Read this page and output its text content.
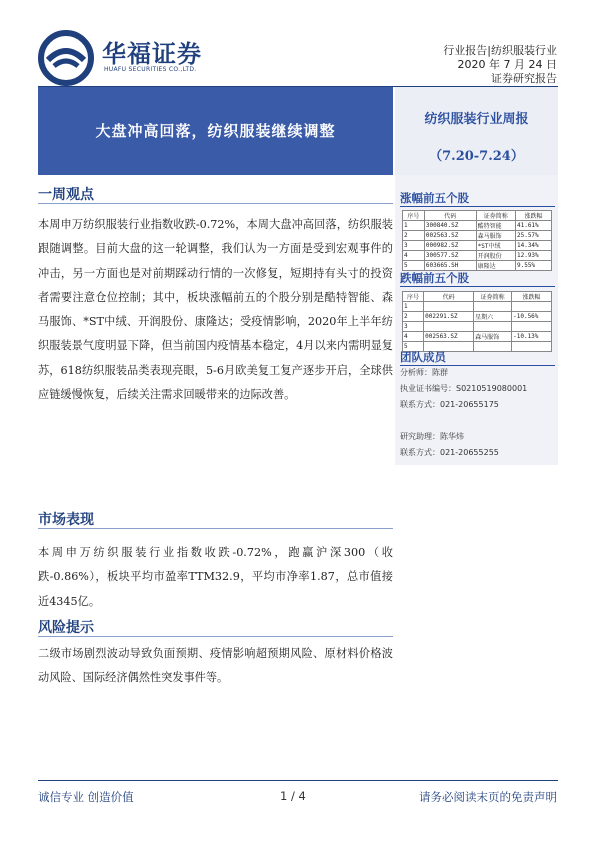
华福证券
HUAFU SECURITIES CO.,LTD.
行业报告|纺织服装行业
2020 年 7 月 24 日
证券研究报告
大盘冲高回落，纺织服装继续调整
纺织服装行业周报
（7.20-7.24）
一周观点
本周申万纺织服装行业指数收跌-0.72%，本周大盘冲高回落，纺织服装跟随调整。目前大盘的这一轮调整，我们认为一方面是受到宏观事件的冲击，另一方面也是对前期踩动行情的一次修复，短期持有头寸的投资者需要注意仓位控制；其中，板块涨幅前五的个股分别是酷特智能、森马服饰、*ST中绒、开润股份、康隆达；受疫情影响，2020年上半年纺织服装景气度明显下降，但当前国内疫情基本稳定，4月以来内需明显复苏，618纺织服装品类表现亮眼，5-6月欧美复工复产逐步开启，全球供应链缓慢恢复，后续关注需求回暖带来的边际改善。
市场表现
本周申万纺织服装行业指数收跌-0.72%，跑赢沪深300（收跌-0.86%），板块平均市盈率TTM32.9，平均市净率1.87，总市值接近4345亿。
风险提示
二级市场剧烈波动导致负面预期、疫情影响超预期风险、原材料价格波动风险、国际经济偶然性突发事件等。
涨幅前五个股
序号	代码	证券简称	涨跌幅
1	300840.SZ	酷特智能	41.61%
2	002563.SZ	森马服饰	25.57%
3	000982.SZ	*ST中绒	14.34%
4	300577.SZ	开润股份	12.93%
5	603665.SH	康隆达	9.55%
跌幅前五个股
序号	代码	证券简称	涨跌幅
1			
2	002291.SZ	星期六	-10.56%
3			
4	002563.SZ	森马服饰	-10.13%
5			
团队成员
分析师：陈群
执业证书编号：S0210519080001
联系方式：021-20655175
研究助理：陈华炜
联系方式：021-20655255
诚信专业 创造价值	1 / 4	请务必阅读末页的免责声明
